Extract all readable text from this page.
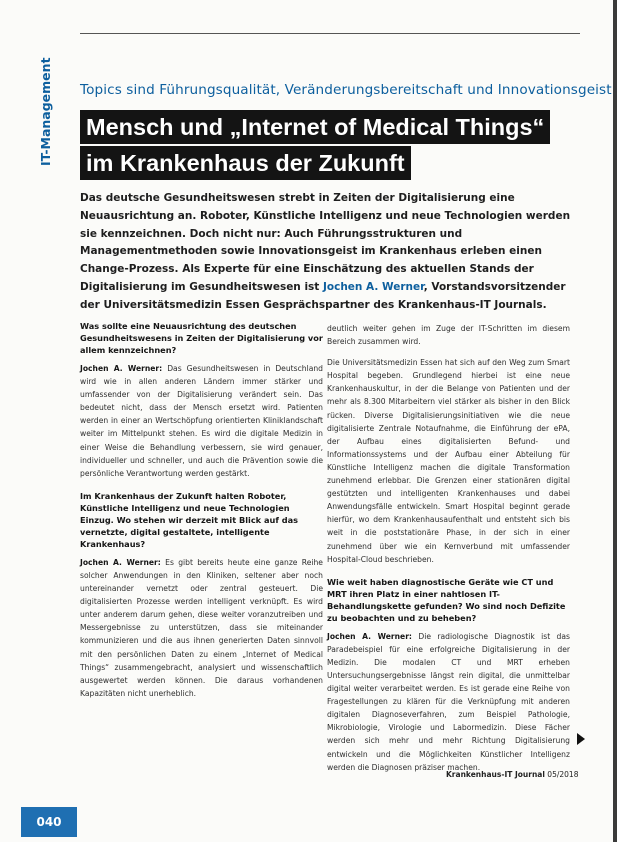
IT-Management Topics sind Führungsqualität, Veränderungsbereitschaft und Innovationsgeist
Mensch und „Internet of Medical Things“
im Krankenhaus der Zukunft
Das deutsche Gesundheitswesen strebt in Zeiten der Digitalisierung eine Neuausrichtung an. Roboter, Künstliche Intelligenz und neue Technologien werden sie kennzeichnen. Doch nicht nur: Auch Führungsstrukturen und Managementmethoden sowie Innovationsgeist im Krankenhaus erleben einen Change-Prozess. Als Experte für eine Einschätzung des aktuellen Stands der Digitalisierung im Gesundheitswesen ist Jochen A. Werner, Vorstandsvorsitzender der Universitätsmedizin Essen Gesprächspartner des Krankenhaus-IT Journals.

Was sollte eine Neuausrichtung des deutschen Gesundheitswesens in Zeiten der Digitalisierung vor allem kennzeichnen?

Jochen A. Werner: Das Gesundheitswesen in Deutschland wird wie in allen anderen Ländern immer stärker und umfassender von der Digitalisierung verändert sein. Das bedeutet nicht, dass der Mensch ersetzt wird. Patienten werden in einer an Wertschöpfung orientierten Kliniklandschaft weiter im Mittelpunkt stehen. Es wird die digitale Medizin in einer Weise die Behandlung verbessern, sie wird genauer, individueller und schneller, und auch die Prävention sowie die persönliche Verantwortung werden gestärkt.

Im Krankenhaus der Zukunft halten Roboter, Künstliche Intelligenz und neue Technologien Einzug. Wo stehen wir derzeit mit Blick auf das vernetzte, digital gestaltete, intelligente Krankenhaus?

Jochen A. Werner: Es gibt bereits heute eine ganze Reihe solcher Anwendungen in den Kliniken, seltener aber noch untereinander vernetzt oder zentral gesteuert. Die digitalisierten Prozesse werden intelligent verknüpft. Es wird unter anderem darum gehen, diese weiter voranzutreiben und Messergebnisse zu unterstützen, dass sie miteinander kommunizieren und die aus ihnen generierten Daten sinnvoll mit den persönlichen Daten zu einem „Internet of Medical Things“ zusammengebracht, analysiert und wissenschaftlich ausgewertet werden können. Die daraus vorhandenen Kapazitäten nicht unerheblich.

deutlich weiter gehen im Zuge der IT-Schritten im diesem Bereich zusammen wird.

Die Universitätsmedizin Essen hat sich auf den Weg zum Smart Hospital begeben. Grundlegend hierbei ist eine neue Krankenhauskultur, in der die Belange von Patienten und der mehr als 8.300 Mitarbeitern viel stärker als bisher in den Blick rücken. Diverse Digitalisierungsinitiativen wie die neue digitalisierte Zentrale Notaufnahme, die Einführung der ePA, der Aufbau eines digitalisierten Befund- und Informationssystems und der Aufbau einer Abteilung für Künstliche Intelligenz machen die digitale Transformation zunehmend erlebbar. Die Grenzen einer stationären digital gestützten und intelligenten Krankenhauses und dabei Anwendungsfälle entwickeln. Smart Hospital beginnt gerade hierfür, wo dem Krankenhausaufenthalt und entsteht sich bis weit in die poststationäre Phase, in der sich in einer zunehmend über wie ein Kernverbund mit umfassender Hospital-Cloud beschrieben.

Wie weit haben diagnostische Geräte wie CT und MRT ihren Platz in einer nahtlosen IT-Behandlungskette gefunden? Wo sind noch Defizite zu beobachten und zu beheben?

Jochen A. Werner: Die radiologische Diagnostik ist das Paradebeispiel für eine erfolgreiche Digitalisierung in der Medizin. Die modalen CT und MRT erheben Untersuchungsergebnisse längst rein digital, die unmittelbar digital weiter verarbeitet werden. Es ist gerade eine Reihe von Fragestellungen zu klären für die Verknüpfung mit anderen digitalen Diagnoseverfahren, zum Beispiel Pathologie, Mikrobiologie, Virologie und Labormedizin. Diese Fächer werden sich mehr und mehr Richtung Digitalisierung entwickeln und die Möglichkeiten Künstlicher Intelligenz werden die Diagnosen präziser machen.

Krankenhaus-IT Journal 05/2018
040
